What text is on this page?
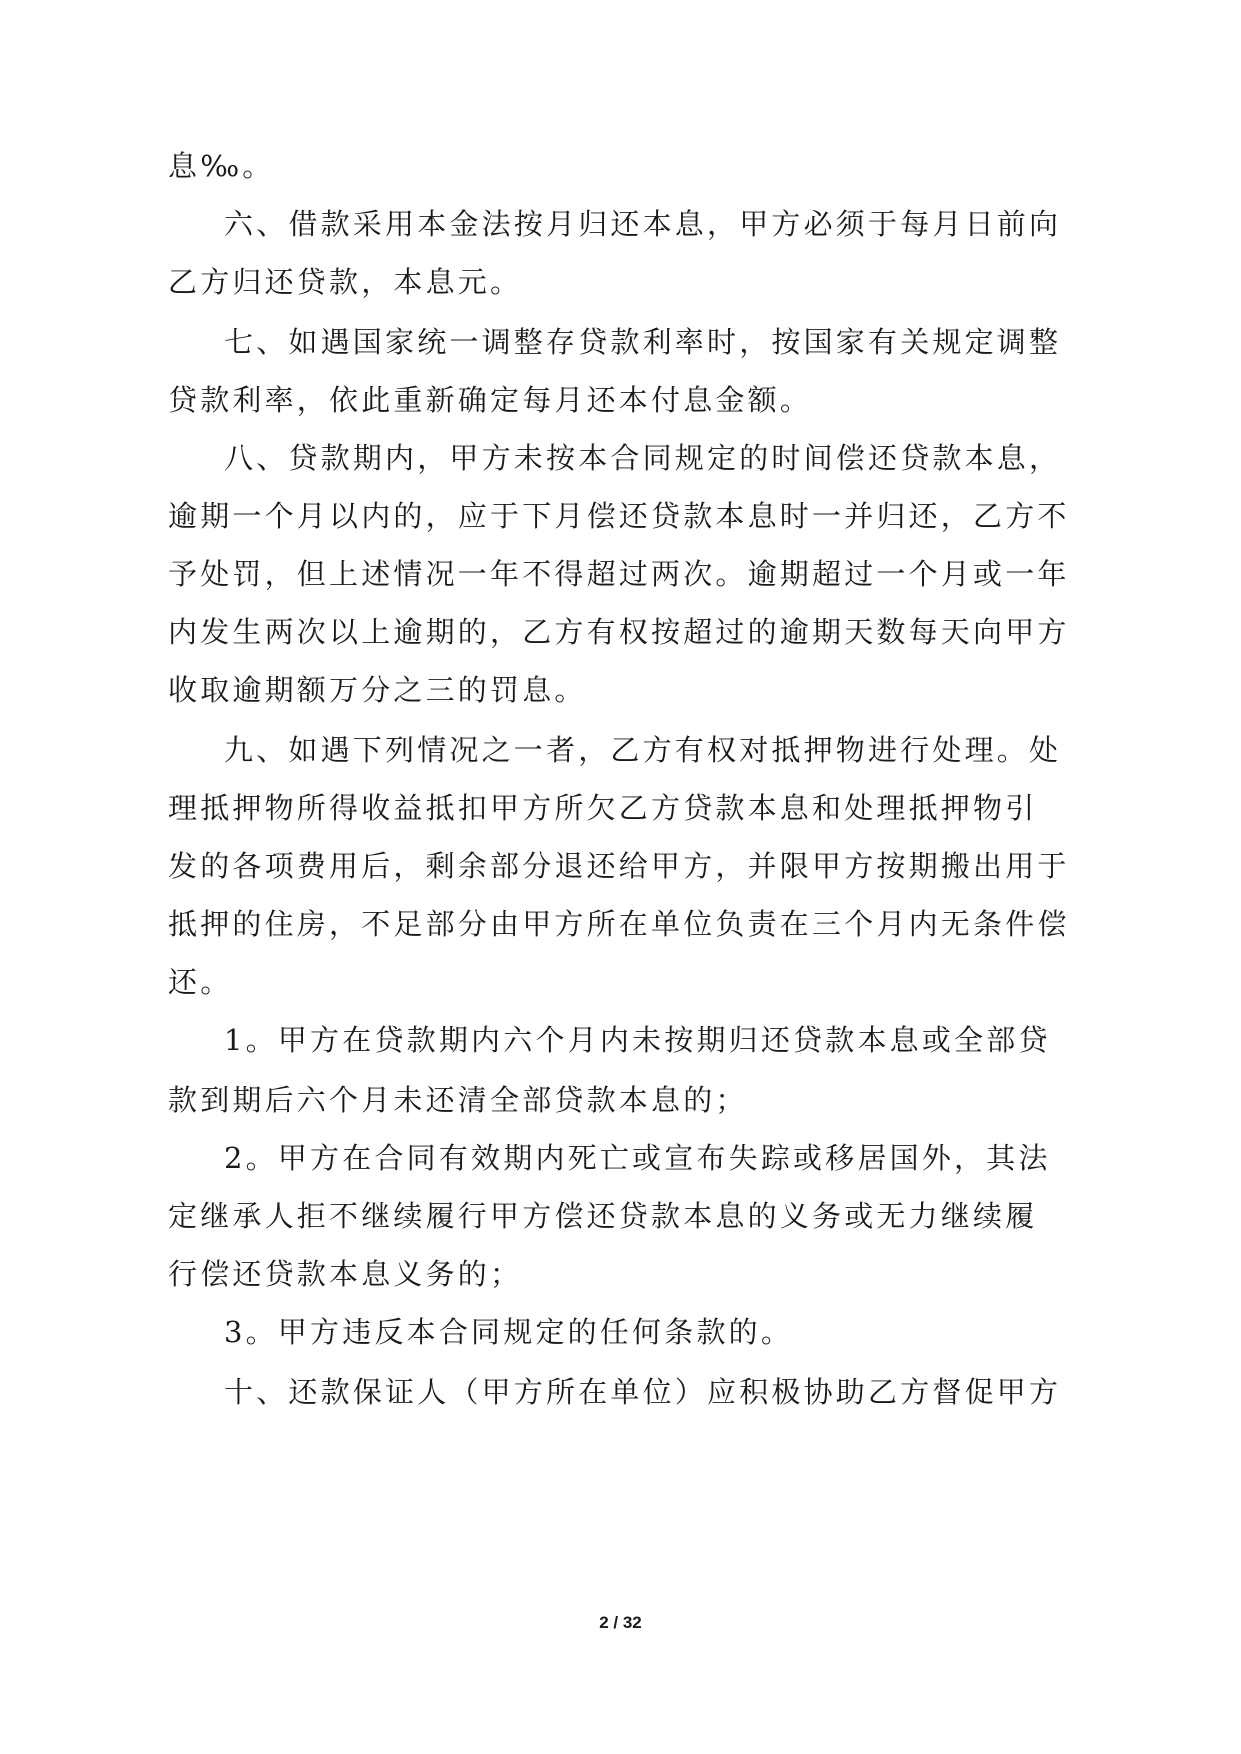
息‰。
六、借款采用本金法按月归还本息，甲方必须于每月日前向
乙方归还贷款，本息元。
七、如遇国家统一调整存贷款利率时，按国家有关规定调整
贷款利率，依此重新确定每月还本付息金额。
八、贷款期内，甲方未按本合同规定的时间偿还贷款本息，
逾期一个月以内的，应于下月偿还贷款本息时一并归还，乙方不
予处罚，但上述情况一年不得超过两次。逾期超过一个月或一年
内发生两次以上逾期的，乙方有权按超过的逾期天数每天向甲方
收取逾期额万分之三的罚息。
九、如遇下列情况之一者，乙方有权对抵押物进行处理。处
理抵押物所得收益抵扣甲方所欠乙方贷款本息和处理抵押物引
发的各项费用后，剩余部分退还给甲方，并限甲方按期搬出用于
抵押的住房，不足部分由甲方所在单位负责在三个月内无条件偿
还。
1。甲方在贷款期内六个月内未按期归还贷款本息或全部贷
款到期后六个月未还清全部贷款本息的；
2。甲方在合同有效期内死亡或宣布失踪或移居国外，其法
定继承人拒不继续履行甲方偿还贷款本息的义务或无力继续履
行偿还贷款本息义务的；
3。甲方违反本合同规定的任何条款的。
十、还款保证人（甲方所在单位）应积极协助乙方督促甲方
2 / 32
